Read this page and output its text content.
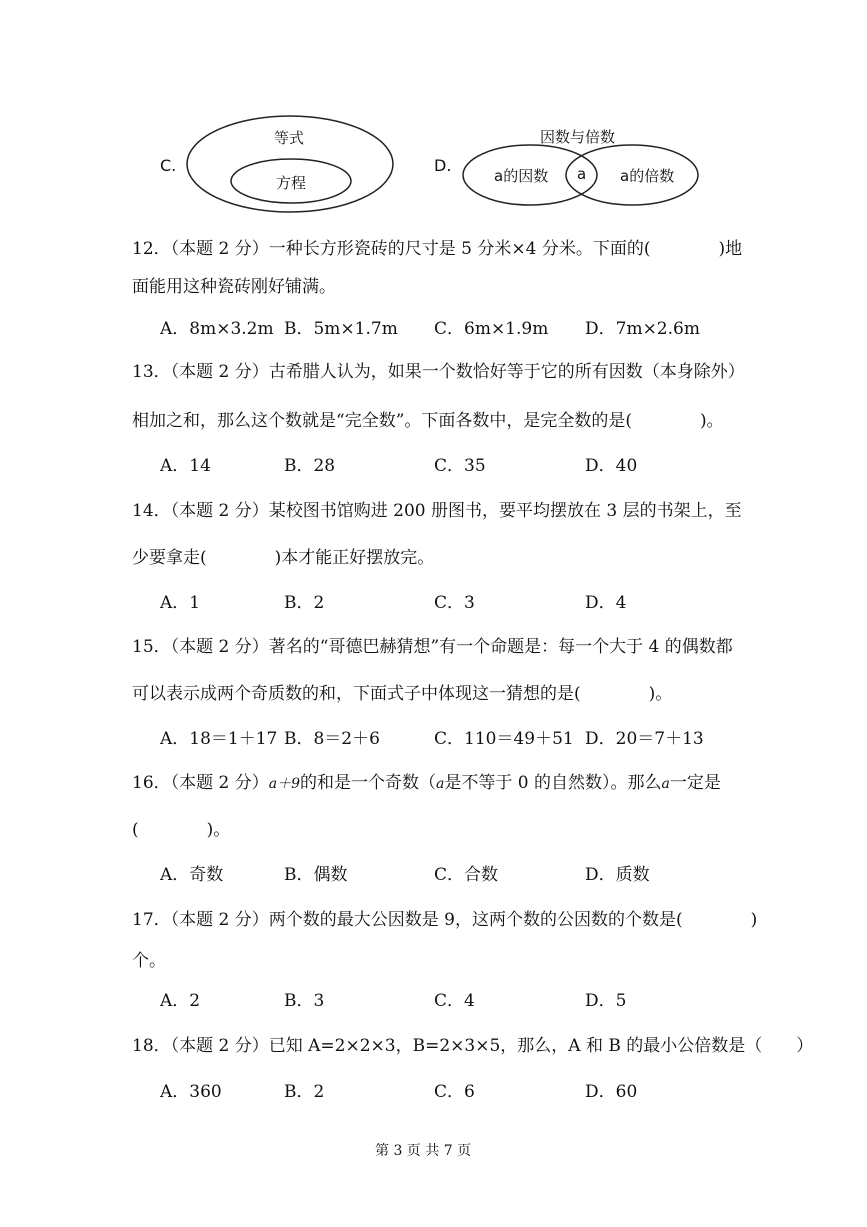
C.
等式
方程
D.
因数与倍数
a的因数 a a的倍数
12．（本题 2 分）一种长方形瓷砖的尺寸是 5 分米×4 分米。下面的(　　　　)地
面能用这种瓷砖刚好铺满。
A．8m×3.2m B．5m×1.7m C．6m×1.9m D．7m×2.6m
13．（本题 2 分）古希腊人认为，如果一个数恰好等于它的所有因数（本身除外）
相加之和，那么这个数就是“完全数”。下面各数中，是完全数的是(　　　　)。
A．14	B．28	C．35	D．40
14．（本题 2 分）某校图书馆购进 200 册图书，要平均摆放在 3 层的书架上，至
少要拿走(　　　　)本才能正好摆放完。
A．1	B．2	C．3	D．4
15．（本题 2 分）著名的“哥德巴赫猜想”有一个命题是：每一个大于 4 的偶数都
可以表示成两个奇质数的和，下面式子中体现这一猜想的是(　　　　)。
A．18＝1＋17 B．8＝2＋6	C．110＝49＋51 D．20＝7＋13
16．（本题 2 分）a＋9的和是一个奇数（a是不等于 0 的自然数）。那么a一定是
(　　　　)。
A．奇数	B．偶数	C．合数	D．质数
17．（本题 2 分）两个数的最大公因数是 9，这两个数的公因数的个数是(　　　　)
个。
A．2	B．3	C．4	D．5
18．（本题 2 分）已知 A=2×2×3，B=2×3×5，那么，A 和 B 的最小公倍数是（　　）
A．360	B．2	C．6	D．60
第 3 页 共 7 页
